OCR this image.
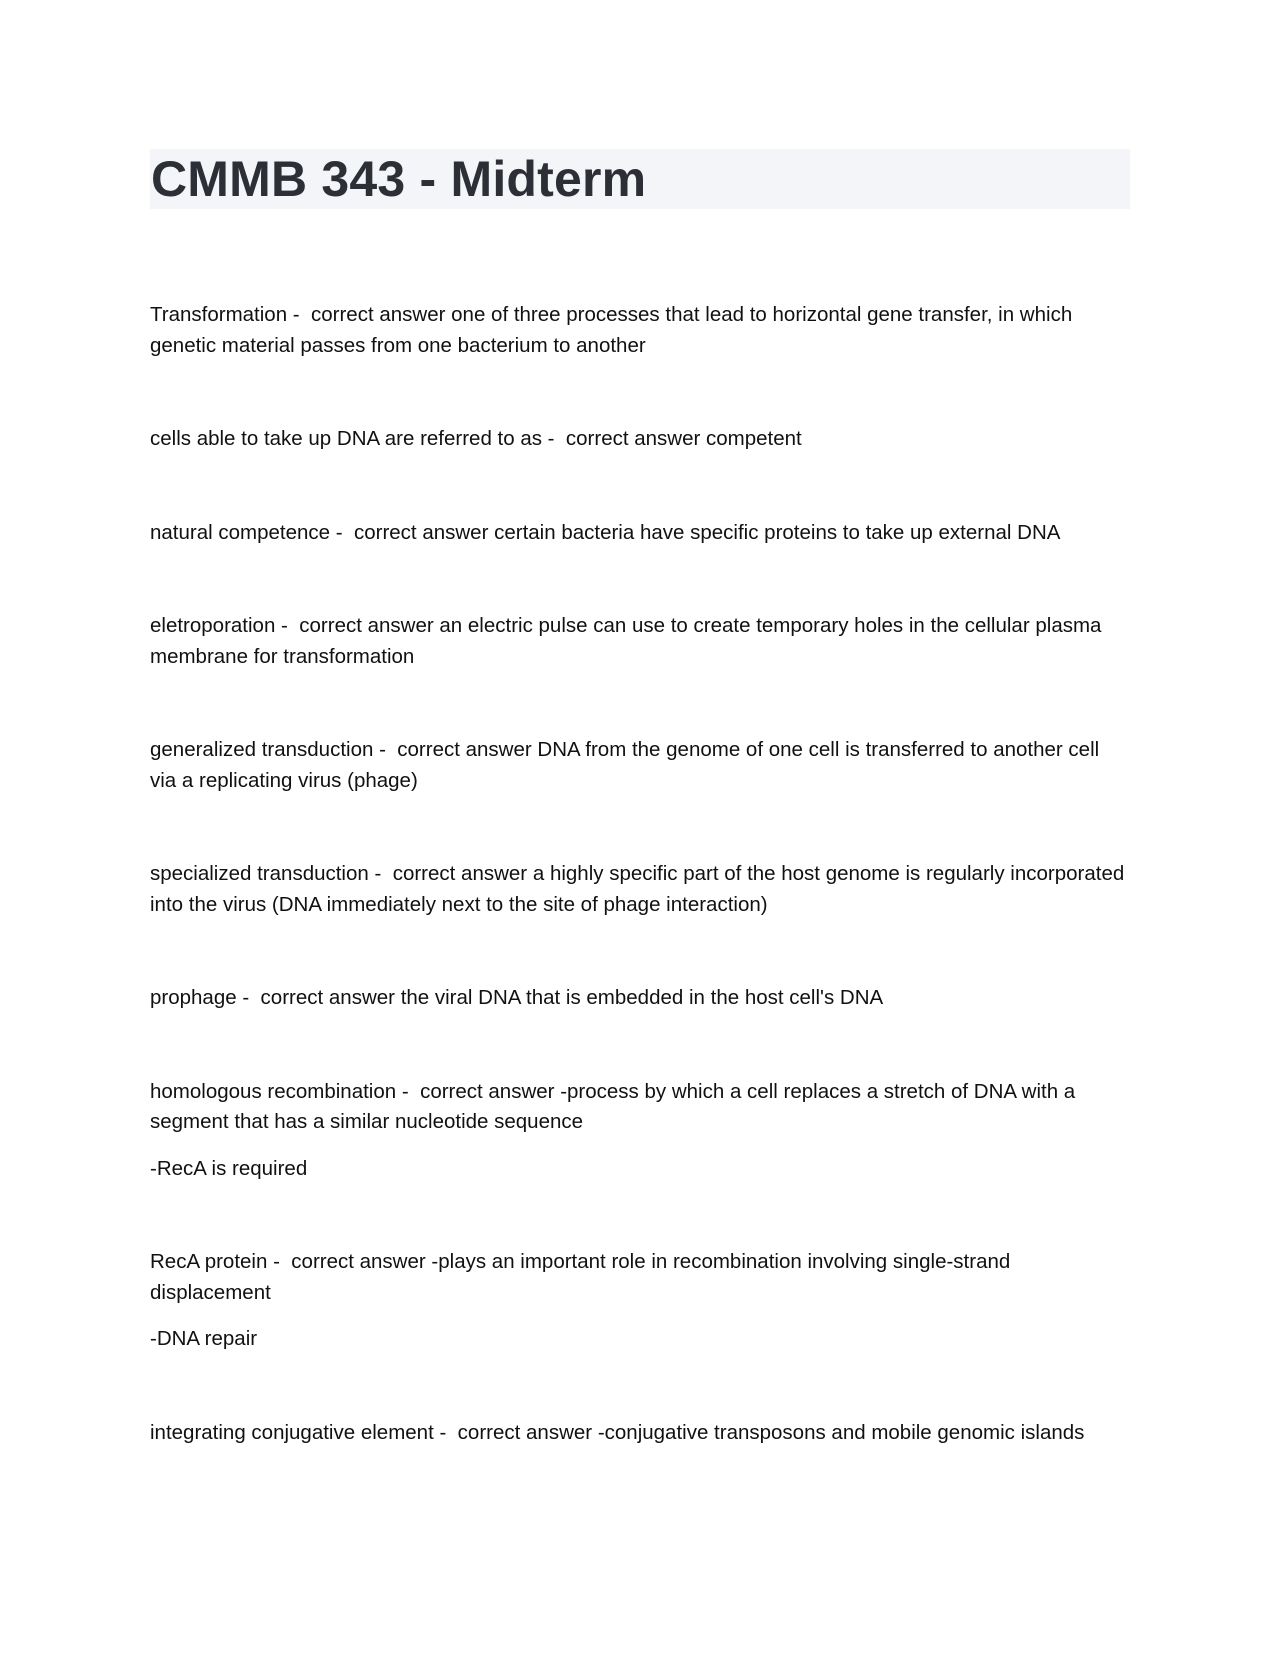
CMMB 343 - Midterm

Transformation -  correct answer one of three processes that lead to horizontal gene transfer, in which genetic material passes from one bacterium to another

cells able to take up DNA are referred to as -  correct answer competent

natural competence -  correct answer certain bacteria have specific proteins to take up external DNA

eletroporation -  correct answer an electric pulse can use to create temporary holes in the cellular plasma membrane for transformation

generalized transduction -  correct answer DNA from the genome of one cell is transferred to another cell via a replicating virus (phage)

specialized transduction -  correct answer a highly specific part of the host genome is regularly incorporated into the virus (DNA immediately next to the site of phage interaction)

prophage -  correct answer the viral DNA that is embedded in the host cell's DNA

homologous recombination -  correct answer -process by which a cell replaces a stretch of DNA with a segment that has a similar nucleotide sequence
-RecA is required

RecA protein -  correct answer -plays an important role in recombination involving single-strand displacement
-DNA repair

integrating conjugative element -  correct answer -conjugative transposons and mobile genomic islands
